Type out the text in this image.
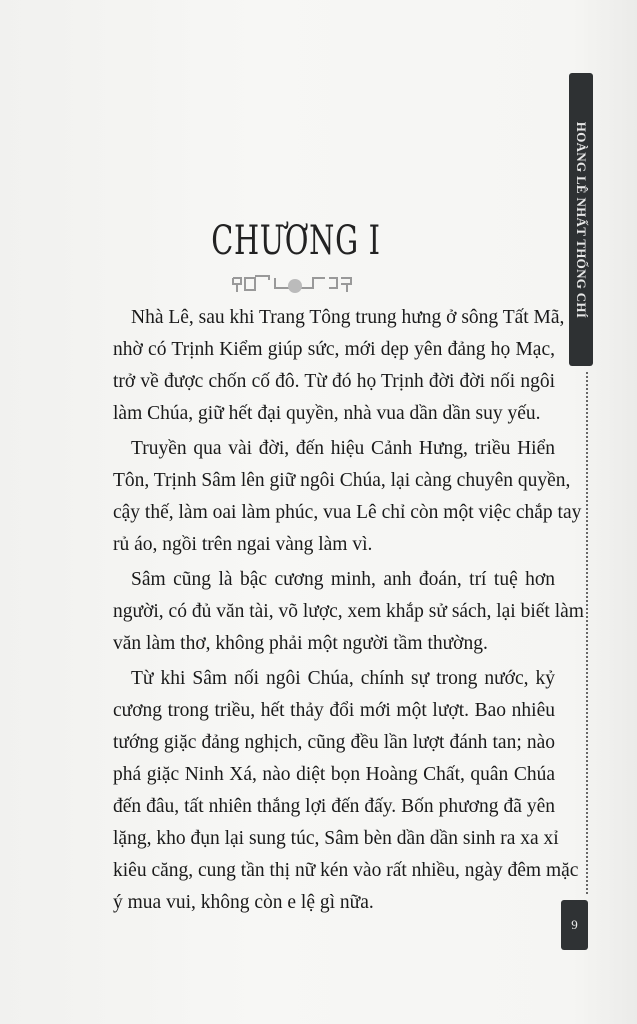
CHƯƠNG I
Nhà Lê, sau khi Trang Tông trung hưng ở sông Tất Mã,
nhờ có Trịnh Kiểm giúp sức, mới dẹp yên đảng họ Mạc,
trở về được chốn cố đô. Từ đó họ Trịnh đời đời nối ngôi
làm Chúa, giữ hết đại quyền, nhà vua dần dần suy yếu.
Truyền qua vài đời, đến hiệu Cảnh Hưng, triều Hiển
Tôn, Trịnh Sâm lên giữ ngôi Chúa, lại càng chuyên quyền,
cậy thế, làm oai làm phúc, vua Lê chỉ còn một việc chắp tay
rủ áo, ngồi trên ngai vàng làm vì.
Sâm cũng là bậc cương minh, anh đoán, trí tuệ hơn
người, có đủ văn tài, võ lược, xem khắp sử sách, lại biết làm
văn làm thơ, không phải một người tầm thường.
Từ khi Sâm nối ngôi Chúa, chính sự trong nước, kỷ
cương trong triều, hết thảy đổi mới một lượt. Bao nhiêu
tướng giặc đảng nghịch, cũng đều lần lượt đánh tan; nào
phá giặc Ninh Xá, nào diệt bọn Hoàng Chất, quân Chúa
đến đâu, tất nhiên thắng lợi đến đấy. Bốn phương đã yên
lặng, kho đụn lại sung túc, Sâm bèn dần dần sinh ra xa xỉ
kiêu căng, cung tần thị nữ kén vào rất nhiều, ngày đêm mặc
ý mua vui, không còn e lệ gì nữa.
HOÀNG LÊ NHẤT THỐNG CHÍ
9
